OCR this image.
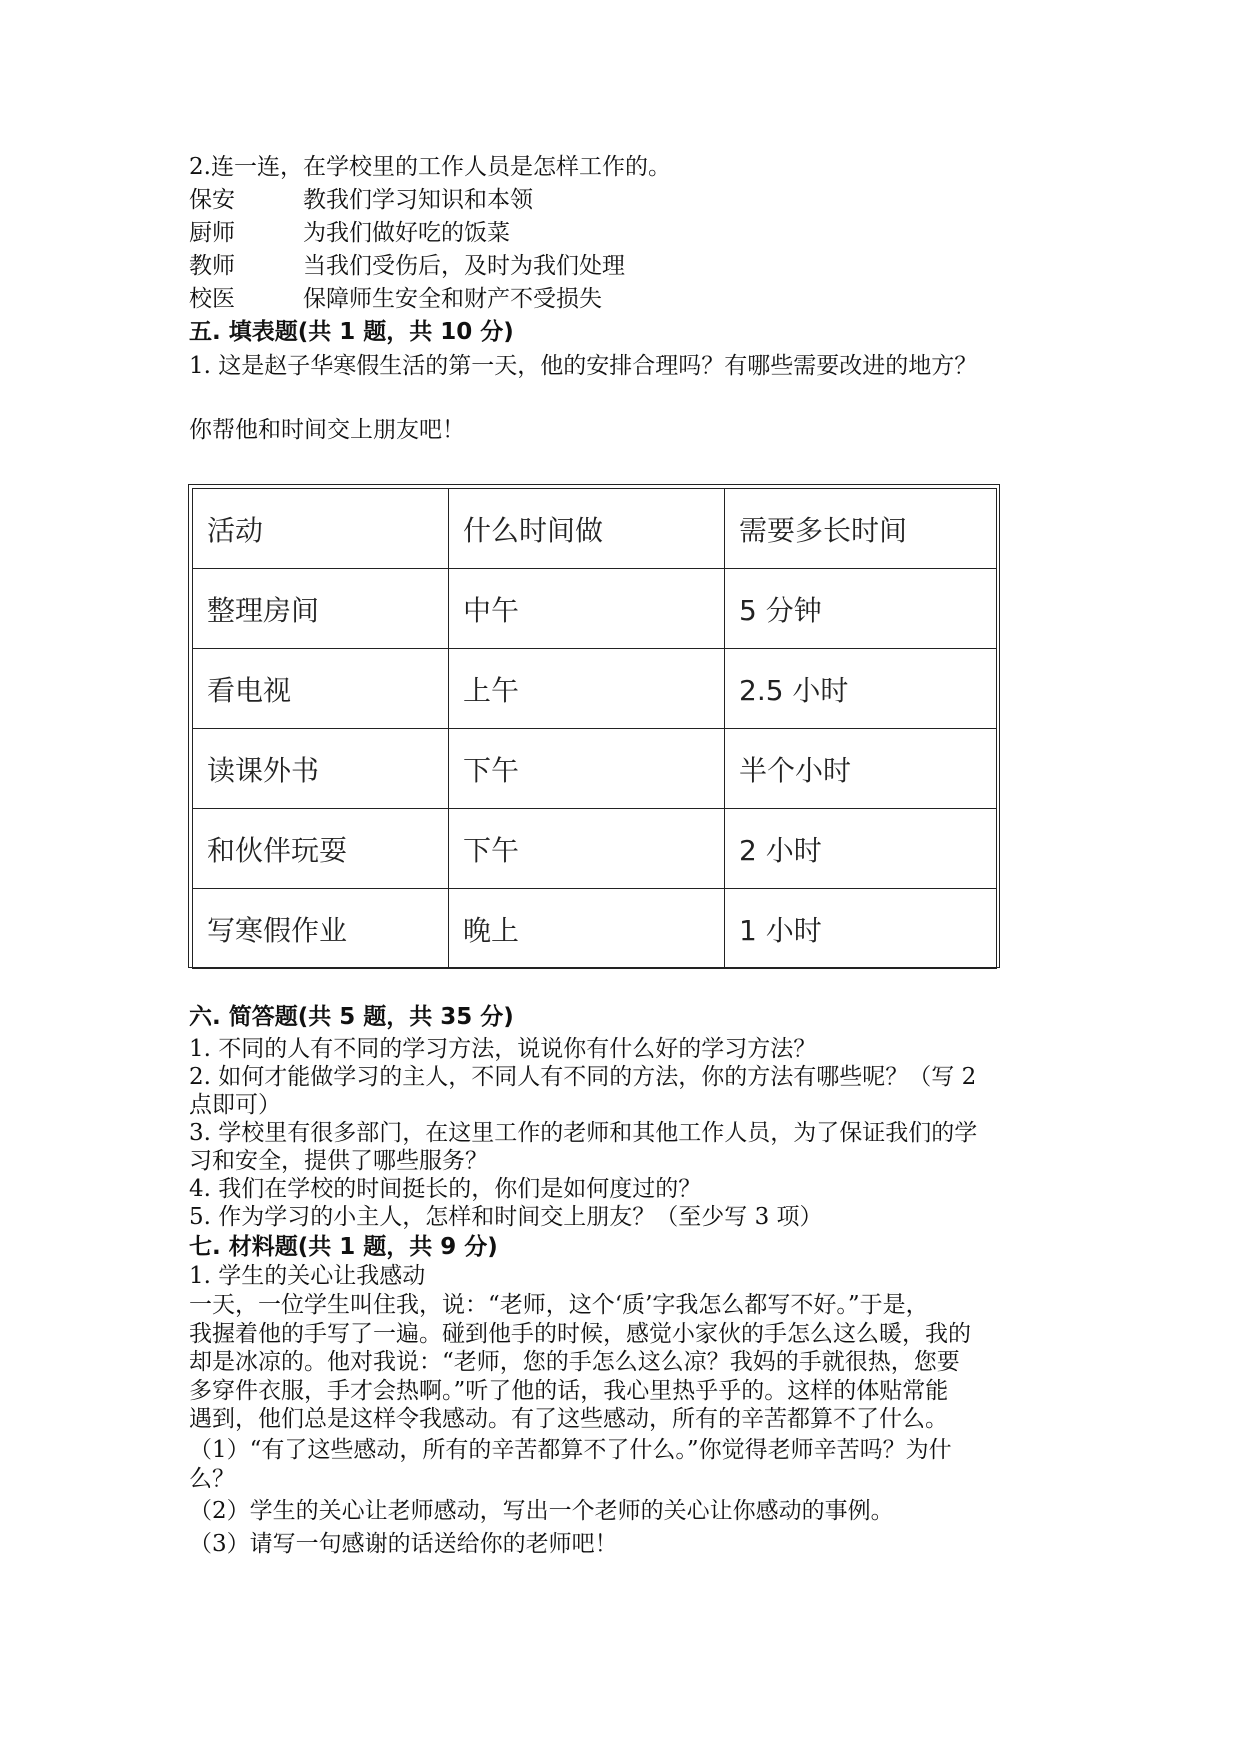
2.连一连，在学校里的工作人员是怎样工作的。
保安	教我们学习知识和本领
厨师	为我们做好吃的饭菜
教师	当我们受伤后，及时为我们处理
校医	保障师生安全和财产不受损失
五. 填表题(共 1 题，共 10 分)
1. 这是赵子华寒假生活的第一天，他的安排合理吗？有哪些需要改进的地方？
你帮他和时间交上朋友吧！
活动	什么时间做	需要多长时间
整理房间	中午	5 分钟
看电视	上午	2.5 小时
读课外书	下午	半个小时
和伙伴玩耍	下午	2 小时
写寒假作业	晚上	1 小时
六. 简答题(共 5 题，共 35 分)
1. 不同的人有不同的学习方法，说说你有什么好的学习方法？
2. 如何才能做学习的主人，不同人有不同的方法，你的方法有哪些呢？（写 2
点即可）
3. 学校里有很多部门，在这里工作的老师和其他工作人员，为了保证我们的学
习和安全，提供了哪些服务？
4. 我们在学校的时间挺长的，你们是如何度过的？
5. 作为学习的小主人，怎样和时间交上朋友？（至少写 3 项）
七. 材料题(共 1 题，共 9 分)
1. 学生的关心让我感动
一天，一位学生叫住我，说：“老师，这个‘质’字我怎么都写不好。”于是，
我握着他的手写了一遍。碰到他手的时候，感觉小家伙的手怎么这么暖，我的
却是冰凉的。他对我说：“老师，您的手怎么这么凉？我妈的手就很热，您要
多穿件衣服，手才会热啊。”听了他的话，我心里热乎乎的。这样的体贴常能
遇到，他们总是这样令我感动。有了这些感动，所有的辛苦都算不了什么。
（1）“有了这些感动，所有的辛苦都算不了什么。”你觉得老师辛苦吗？为什
么？
（2）学生的关心让老师感动，写出一个老师的关心让你感动的事例。
（3）请写一句感谢的话送给你的老师吧！
